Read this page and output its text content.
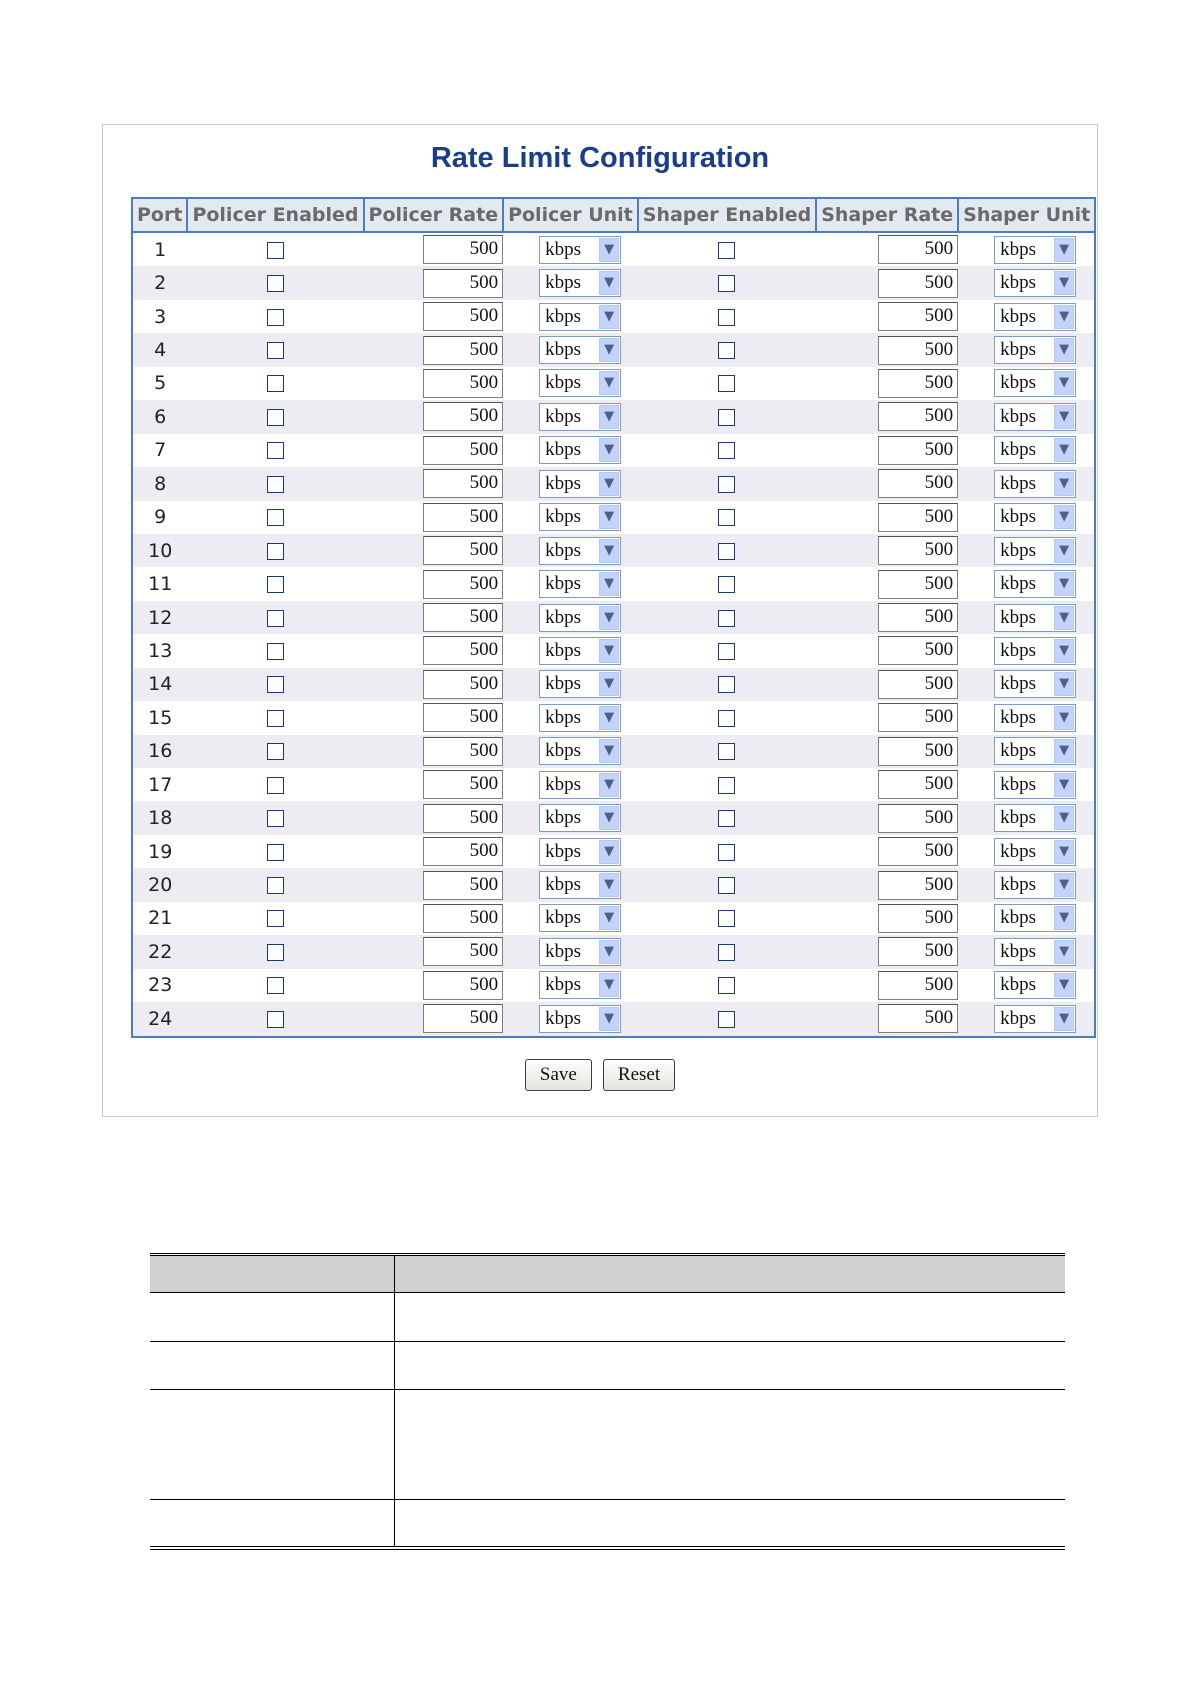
Rate Limit Configuration
Port	Policer Enabled	Policer Rate	Policer Unit	Shaper Enabled	Shaper Rate	Shaper Unit
1		500	kbps ▼		500	kbps ▼

2		500	kbps ▼		500	kbps ▼

3		500	kbps ▼		500	kbps ▼

4		500	kbps ▼		500	kbps ▼

5		500	kbps ▼		500	kbps ▼

6		500	kbps ▼		500	kbps ▼

7		500	kbps ▼		500	kbps ▼

8		500	kbps ▼		500	kbps ▼

9		500	kbps ▼		500	kbps ▼

10		500	kbps ▼		500	kbps ▼

11		500	kbps ▼		500	kbps ▼

12		500	kbps ▼		500	kbps ▼

13		500	kbps ▼		500	kbps ▼

14		500	kbps ▼		500	kbps ▼

15		500	kbps ▼		500	kbps ▼

16		500	kbps ▼		500	kbps ▼

17		500	kbps ▼		500	kbps ▼

18		500	kbps ▼		500	kbps ▼

19		500	kbps ▼		500	kbps ▼

20		500	kbps ▼		500	kbps ▼

21		500	kbps ▼		500	kbps ▼

22		500	kbps ▼		500	kbps ▼

23		500	kbps ▼		500	kbps ▼

24		500	kbps ▼		500	kbps ▼
Save Reset
